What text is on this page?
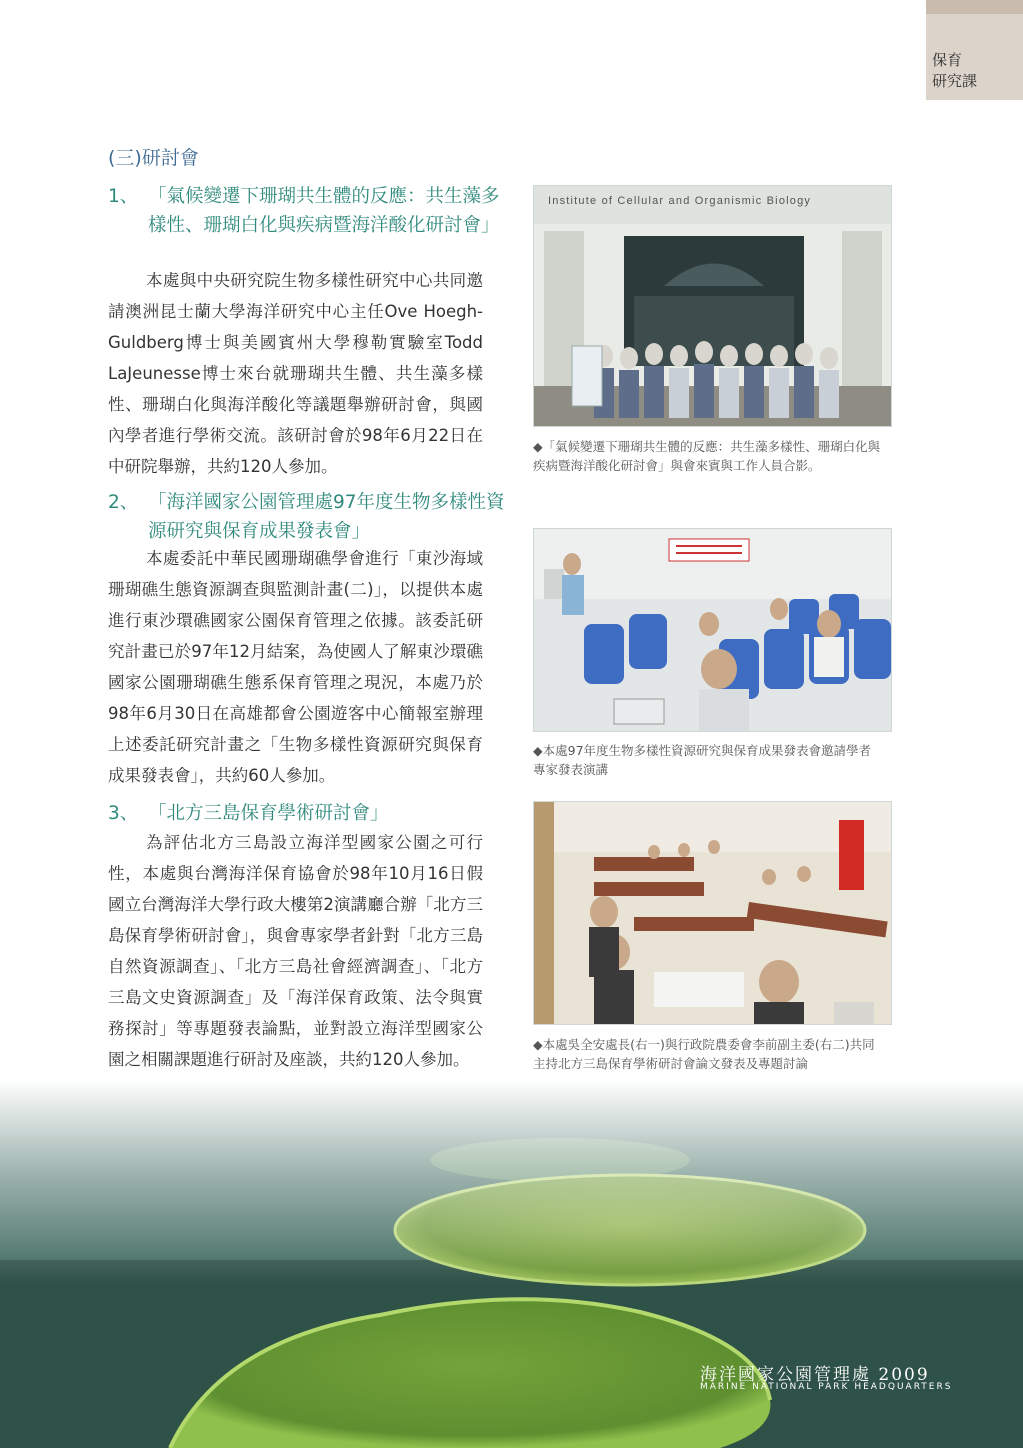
保育
研究課
(三)研討會
1、 「氣候變遷下珊瑚共生體的反應：共生藻多樣性、珊瑚白化與疾病暨海洋酸化研討會」
本處與中央研究院生物多樣性研究中心共同邀請澳洲昆士蘭大學海洋研究中心主任Ove Hoegh-Guldberg博士與美國賓州大學穆勒實驗室Todd LaJeunesse博士來台就珊瑚共生體、共生藻多樣性、珊瑚白化與海洋酸化等議題舉辦研討會，與國內學者進行學術交流。該研討會於98年6月22日在中研院舉辦，共約120人參加。
2、 「海洋國家公園管理處97年度生物多樣性資源研究與保育成果發表會」
本處委託中華民國珊瑚礁學會進行「東沙海域珊瑚礁生態資源調查與監測計畫(二)」，以提供本處進行東沙環礁國家公園保育管理之依據。該委託研究計畫已於97年12月結案，為使國人了解東沙環礁國家公園珊瑚礁生態系保育管理之現況，本處乃於98年6月30日在高雄都會公園遊客中心簡報室辦理上述委託研究計畫之「生物多樣性資源研究與保育成果發表會」，共約60人參加。
3、 「北方三島保育學術研討會」
為評估北方三島設立海洋型國家公園之可行性，本處與台灣海洋保育協會於98年10月16日假國立台灣海洋大學行政大樓第2演講廳合辦「北方三島保育學術研討會」，與會專家學者針對「北方三島自然資源調查」、「北方三島社會經濟調查」、「北方三島文史資源調查」及「海洋保育政策、法令與實務探討」等專題發表論點，並對設立海洋型國家公園之相關課題進行研討及座談，共約120人參加。
Institute of Cellular and Organismic Biology
◆「氣候變遷下珊瑚共生體的反應：共生藻多樣性、珊瑚白化與疾病暨海洋酸化研討會」與會來賓與工作人員合影。
◆本處97年度生物多樣性資源研究與保育成果發表會邀請學者專家發表演講
◆本處吳全安處長(右一)與行政院農委會李前副主委(右二)共同主持北方三島保育學術研討會論文發表及專題討論
海洋國家公園管理處 2009
MARINE NATIONAL PARK HEADQUARTERS
